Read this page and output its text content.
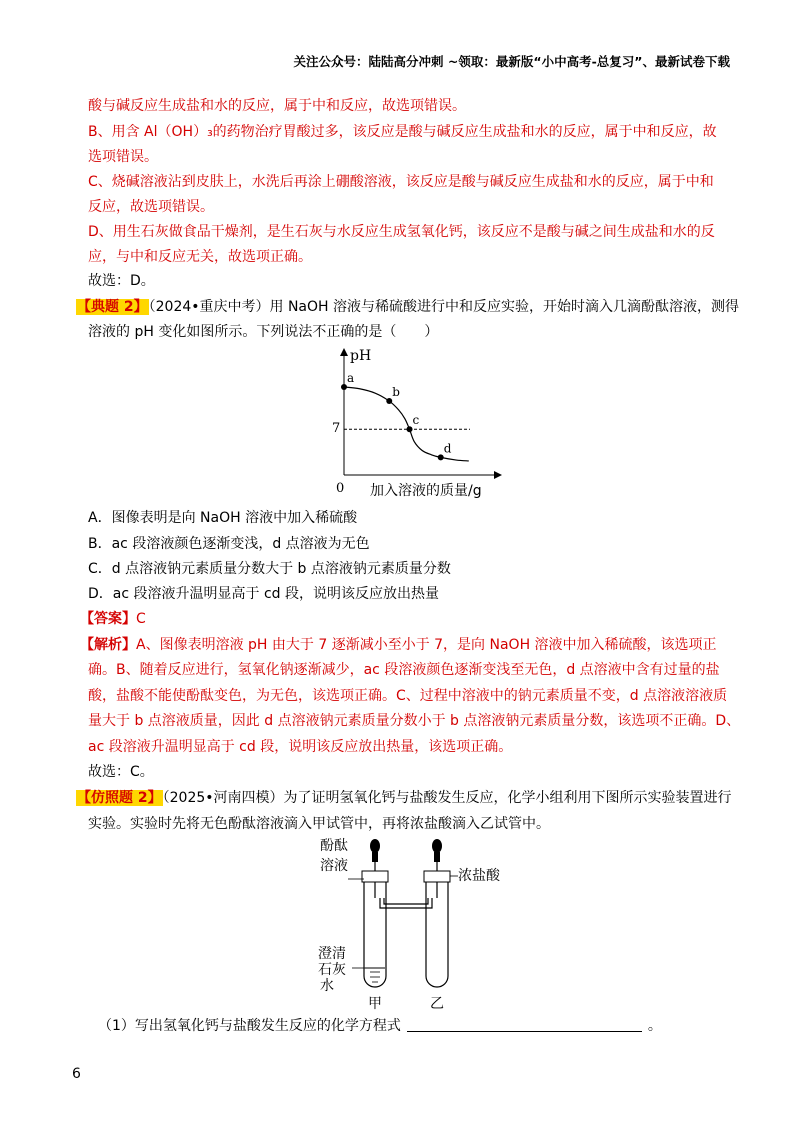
关注公众号：陆陆高分冲刺 ~领取：最新版“小中高考-总复习”、最新试卷下载
酸与碱反应生成盐和水的反应，属于中和反应，故选项错误。
B、用含 Al（OH）₃的药物治疗胃酸过多，该反应是酸与碱反应生成盐和水的反应，属于中和反应，故
选项错误。
C、烧碱溶液沾到皮肤上，水洗后再涂上硼酸溶液，该反应是酸与碱反应生成盐和水的反应，属于中和
反应，故选项错误。
D、用生石灰做食品干燥剂，是生石灰与水反应生成氢氧化钙，该反应不是酸与碱之间生成盐和水的反
应，与中和反应无关，故选项正确。
故选：D。
【典题 2】（2024•重庆中考）用 NaOH 溶液与稀硫酸进行中和反应实验，开始时滴入几滴酚酞溶液，测得
溶液的 pH 变化如图所示。下列说法不正确的是（　　）
pH
0
7
a
b
c
d
加入溶液的质量/g
A．图像表明是向 NaOH 溶液中加入稀硫酸
B．ac 段溶液颜色逐渐变浅，d 点溶液为无色
C．d 点溶液钠元素质量分数大于 b 点溶液钠元素质量分数
D．ac 段溶液升温明显高于 cd 段，说明该反应放出热量
【答案】C
【解析】A、图像表明溶液 pH 由大于 7 逐渐减小至小于 7，是向 NaOH 溶液中加入稀硫酸，该选项正
确。B、随着反应进行，氢氧化钠逐渐减少，ac 段溶液颜色逐渐变浅至无色，d 点溶液中含有过量的盐
酸，盐酸不能使酚酞变色，为无色，该选项正确。C、过程中溶液中的钠元素质量不变，d 点溶液溶液质
量大于 b 点溶液质量，因此 d 点溶液钠元素质量分数小于 b 点溶液钠元素质量分数，该选项不正确。D、
ac 段溶液升温明显高于 cd 段，说明该反应放出热量，该选项正确。
故选：C。
【仿照题 2】（2025•河南四模）为了证明氢氧化钙与盐酸发生反应，化学小组利用下图所示实验装置进行
实验。实验时先将无色酚酞溶液滴入甲试管中，再将浓盐酸滴入乙试管中。
酚酞
溶液
浓盐酸
澄清
石灰
水
甲	乙
（1）写出氢氧化钙与盐酸发生反应的化学方程式	。
6
